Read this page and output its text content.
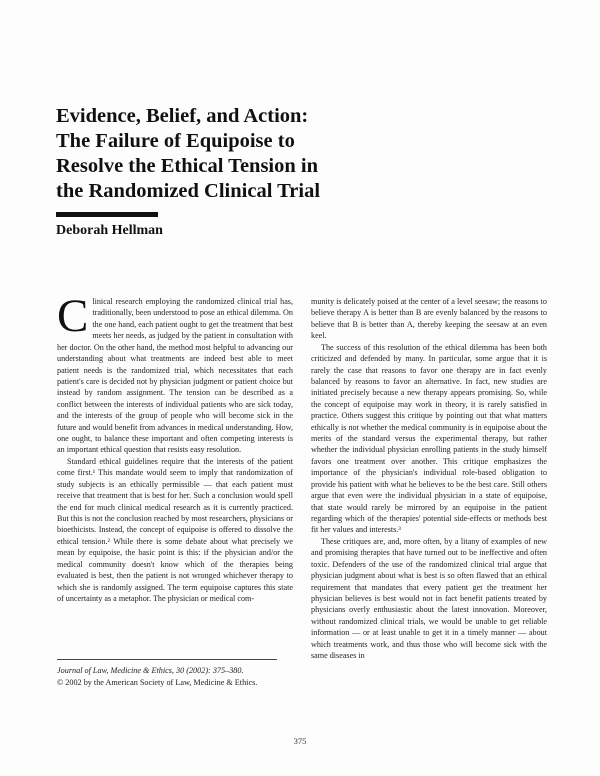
Evidence, Belief, and Action:
The Failure of Equipoise to
Resolve the Ethical Tension in
the Randomized Clinical Trial
Deborah Hellman

Clinical research employing the randomized clinical trial has, traditionally, been understood to pose an ethical dilemma. On the one hand, each patient ought to get the treatment that best meets her needs, as judged by the patient in consultation with her doctor. On the other hand, the method most helpful to advancing our understanding about what treatments are indeed best able to meet patient needs is the randomized trial, which necessitates that each patient's care is decided not by physician judgment or patient choice but instead by random assignment. The tension can be described as a conflict between the interests of individual patients who are sick today, and the interests of the group of people who will become sick in the future and would benefit from advances in medical understanding. How, one ought, to balance these important and often competing interests is an important ethical question that resists easy resolution.

Standard ethical guidelines require that the interests of the patient come first.¹ This mandate would seem to imply that randomization of study subjects is an ethically permissible — that each patient must receive that treatment that is best for her. Such a conclusion would spell the end for much clinical medical research as it is currently practiced. But this is not the conclusion reached by most researchers, physicians or bioethicists. Instead, the concept of equipoise is offered to dissolve the ethical tension.² While there is some debate about what precisely we mean by equipoise, the basic point is this: if the physician and/or the medical community doesn't know which of the therapies being evaluated is best, then the patient is not wronged whichever therapy to which she is randomly assigned. The term equipoise captures this state of uncertainty as a metaphor. The physician or medical com-

munity is delicately poised at the center of a level seesaw; the reasons to believe therapy A is better than B are evenly balanced by the reasons to believe that B is better than A, thereby keeping the seesaw at an even keel.

The success of this resolution of the ethical dilemma has been both criticized and defended by many. In particular, some argue that it is rarely the case that reasons to favor one therapy are in fact evenly balanced by reasons to favor an alternative. In fact, new studies are initiated precisely because a new therapy appears promising. So, while the concept of equipoise may work in theory, it is rarely satisfied in practice. Others suggest this critique by pointing out that what matters ethically is not whether the medical community is in equipoise about the merits of the standard versus the experimental therapy, but rather whether the individual physician enrolling patients in the study himself favors one treatment over another. This critique emphasizes the importance of the physician's individual role-based obligation to provide his patient with what he believes to be the best care. Still others argue that even were the individual physician in a state of equipoise, that state would rarely be mirrored by an equipoise in the patient regarding which of the therapies' potential side-effects or methods best fit her values and interests.³

These critiques are, and, more often, by a litany of examples of new and promising therapies that have turned out to be ineffective and often toxic. Defenders of the use of the randomized clinical trial argue that physician judgment about what is best is so often flawed that an ethical requirement that mandates that every patient get the treatment her physician believes is best would not in fact benefit patients treated by physicians overly enthusiastic about the latest innovation. Moreover, without randomized clinical trials, we would be unable to get reliable information — or at least unable to get it in a timely manner — about which treatments work, and thus those who will become sick with the same diseases in

Journal of Law, Medicine & Ethics, 30 (2002): 375–380.
© 2002 by the American Society of Law, Medicine & Ethics.
375
